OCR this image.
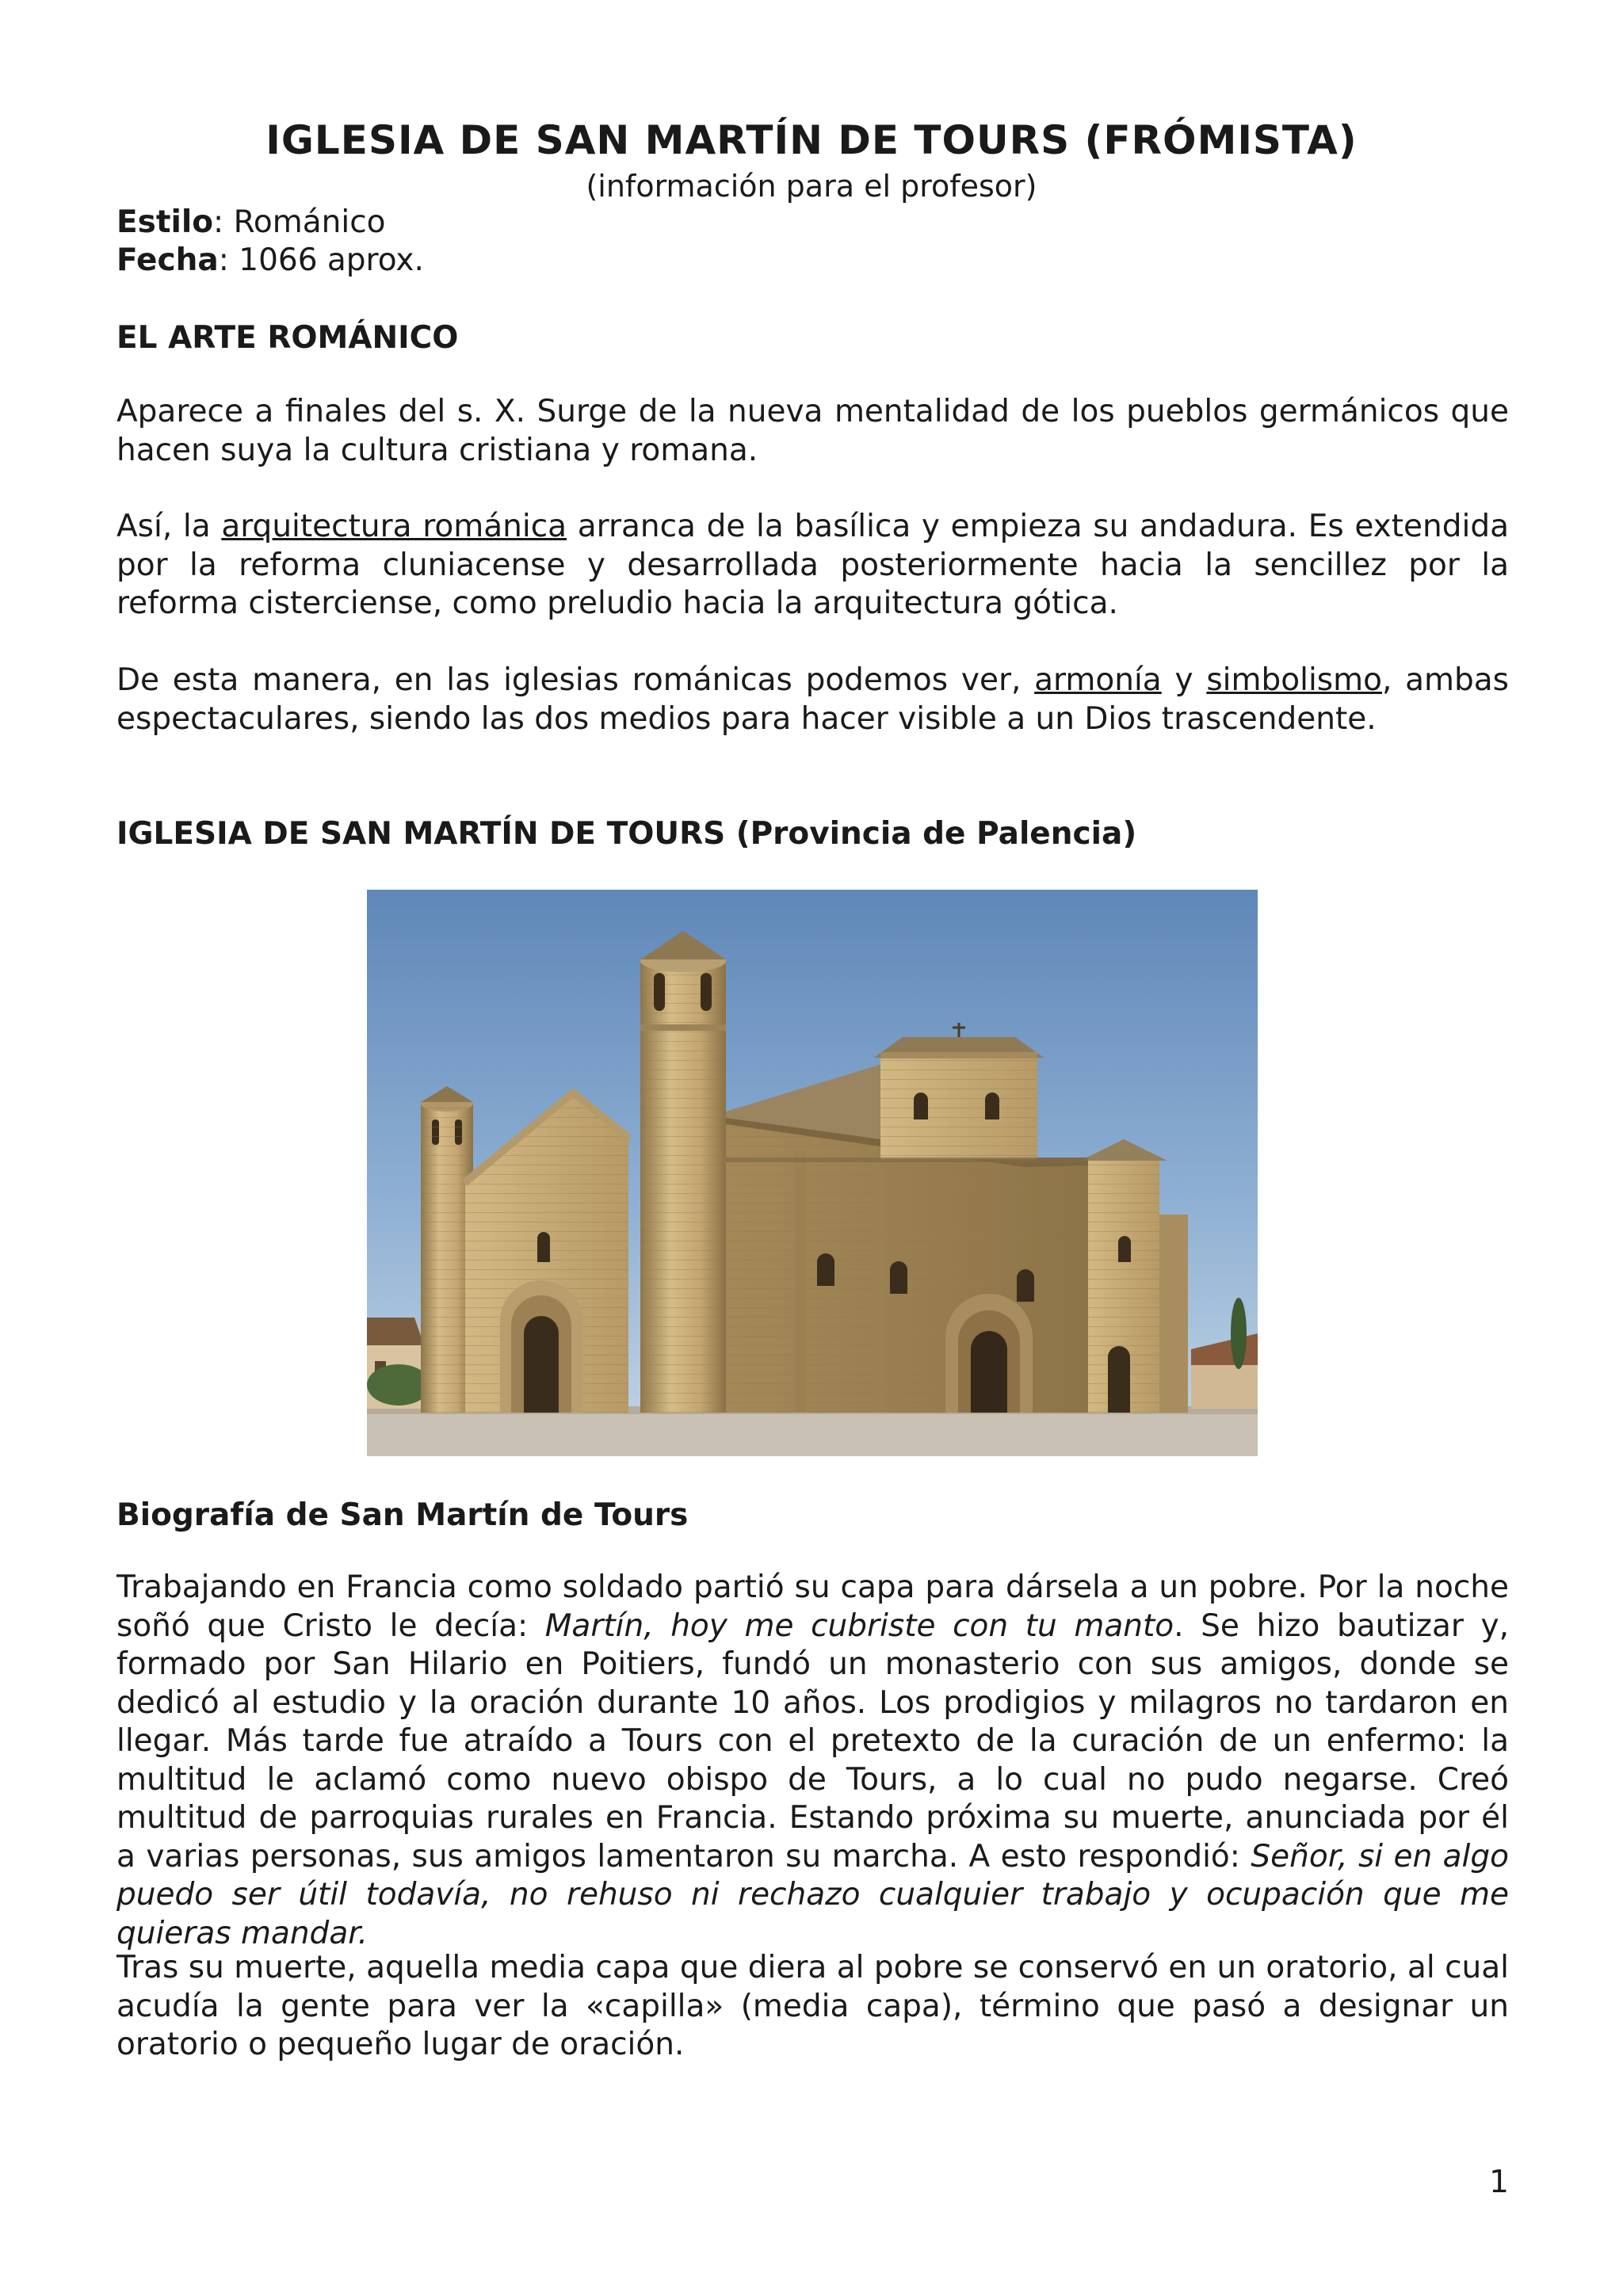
IGLESIA DE SAN MARTÍN DE TOURS (FRÓMISTA)

(información para el profesor)

Estilo: Románico

Fecha: 1066 aprox.

EL ARTE ROMÁNICO

Aparece a finales del s. X. Surge de la nueva mentalidad de los pueblos germánicos que hacen suya la cultura cristiana y romana.

Así, la arquitectura románica arranca de la basílica y empieza su andadura. Es extendida por la reforma cluniacense y desarrollada posteriormente hacia la sencillez por la reforma cisterciense, como preludio hacia la arquitectura gótica.

De esta manera, en las iglesias románicas podemos ver, armonía y simbolismo, ambas espectaculares, siendo las dos medios para hacer visible a un Dios trascendente.

IGLESIA DE SAN MARTÍN DE TOURS (Provincia de Palencia)
Biografía de San Martín de Tours

Trabajando en Francia como soldado partió su capa para dársela a un pobre. Por la noche soñó que Cristo le decía: Martín, hoy me cubriste con tu manto. Se hizo bautizar y, formado por San Hilario en Poitiers, fundó un monasterio con sus amigos, donde se dedicó al estudio y la oración durante 10 años. Los prodigios y milagros no tardaron en llegar. Más tarde fue atraído a Tours con el pretexto de la curación de un enfermo: la multitud le aclamó como nuevo obispo de Tours, a lo cual no pudo negarse. Creó multitud de parroquias rurales en Francia. Estando próxima su muerte, anunciada por él a varias personas, sus amigos lamentaron su marcha. A esto respondió: Señor, si en algo puedo ser útil todavía, no rehuso ni rechazo cualquier trabajo y ocupación que me quieras mandar.

Tras su muerte, aquella media capa que diera al pobre se conservó en un oratorio, al cual acudía la gente para ver la «capilla» (media capa), término que pasó a designar un oratorio o pequeño lugar de oración.

1
